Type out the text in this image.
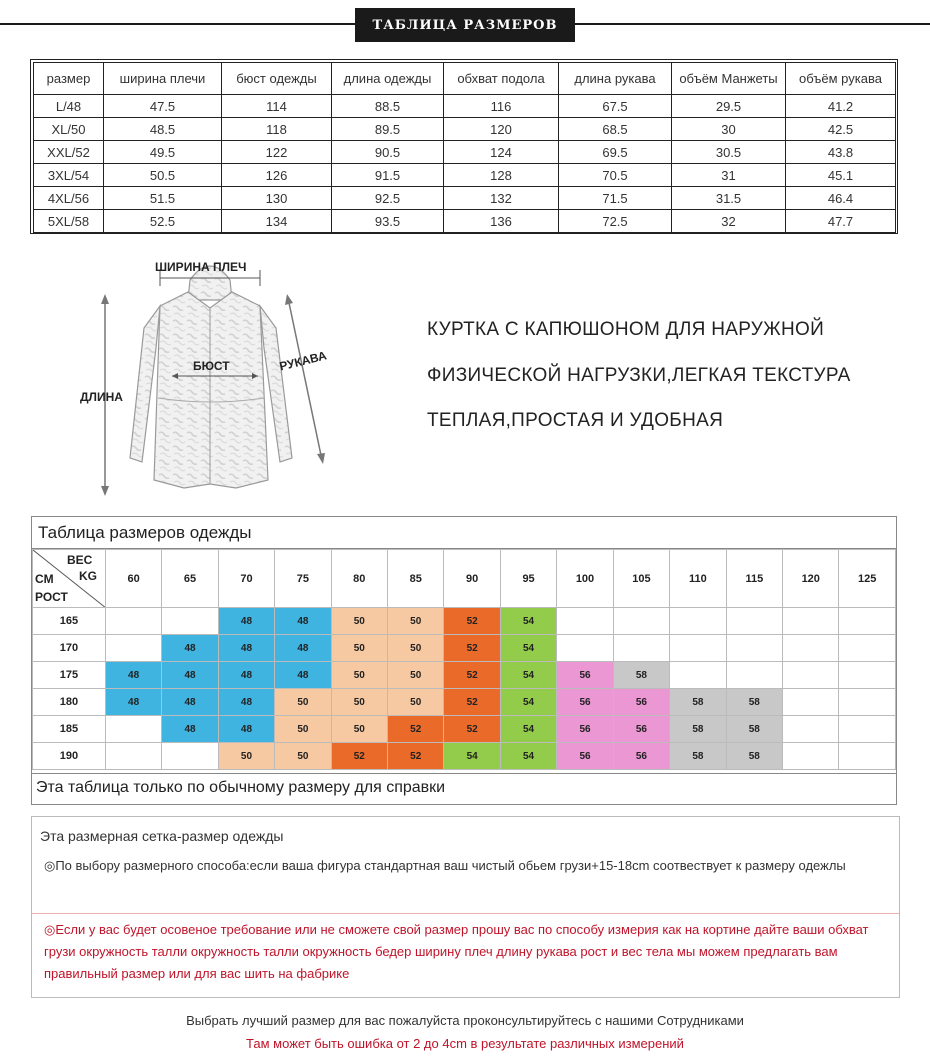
ТАБЛИЦА РАЗМЕРОВ
размер	ширина плечи	бюст одежды	длина одежды	обхват подола	длина рукава	объём Манжеты	объём рукава
L/48	47.5	114	88.5	116	67.5	29.5	41.2
XL/50	48.5	118	89.5	120	68.5	30	42.5
XXL/52	49.5	122	90.5	124	69.5	30.5	43.8
3XL/54	50.5	126	91.5	128	70.5	31	45.1
4XL/56	51.5	130	92.5	132	71.5	31.5	46.4
5XL/58	52.5	134	93.5	136	72.5	32	47.7
ШИРИНА ПЛЕЧ
БЮСТ	РУКАВА
ДЛИНА
КУРТКА С КАПЮШОНОМ ДЛЯ НАРУЖНОЙ
ФИЗИЧЕСКОЙ НАГРУЗКИ,ЛЕГКАЯ ТЕКСТУРА
ТЕПЛАЯ,ПРОСТАЯ И УДОБНАЯ
Таблица размеров одежды
ВЕС
KG
CM
РОСТ	60	65	70	75	80	85	90	95	100	105	110	115	120	125
165			48	48	50	50	52	54						
170		48	48	48	50	50	52	54						
175	48	48	48	48	50	50	52	54	56	58				
180	48	48	48	50	50	50	52	54	56	56	58	58		
185		48	48	50	50	52	52	54	56	56	58	58		
190			50	50	52	52	54	54	56	56	58	58		
Эта таблица только по обычному размеру для справки
Эта размерная сетка-размер одежды
◎По выбору размерного способа:если ваша фигура стандартная ваш чистый обьем грузи+15-18cm соотвествует к размеру одежлы
◎Если у вас будет осовеное требование или не сможете свой размер прошу вас по способу измерия как на кортине дайте ваши обхват грузи окружность талли окружность талли окружность бедер ширину плеч длину рукава рост и вес тела мы можем предлагать вам правильный размер или для вас шить на фабрике
Выбрать лучший размер для вас пожалуйста проконсультируйтесь с нашими Сотрудниками
Там может быть ошибка от 2 до 4cm в результате различных измерений
